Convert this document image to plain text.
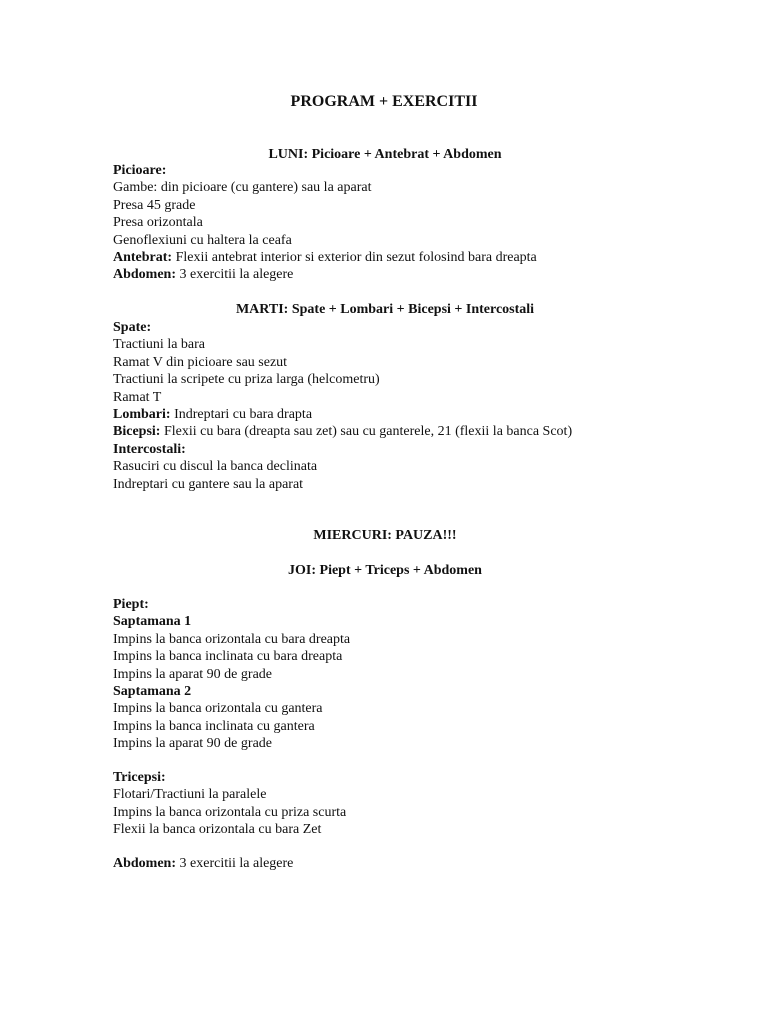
PROGRAM + EXERCITII
LUNI: Picioare + Antebrat + Abdomen
Picioare:
Gambe: din picioare (cu gantere) sau la aparat
Presa 45 grade
Presa orizontala
Genoflexiuni cu haltera la ceafa
Antebrat: Flexii antebrat interior si exterior din sezut folosind bara dreapta
Abdomen: 3 exercitii la alegere
MARTI: Spate + Lombari + Bicepsi + Intercostali
Spate:
Tractiuni la bara
Ramat V din picioare sau sezut
Tractiuni la scripete cu priza larga (helcometru)
Ramat T
Lombari: Indreptari cu bara drapta
Bicepsi: Flexii cu bara (dreapta sau zet) sau cu ganterele, 21 (flexii la banca Scot)
Intercostali:
Rasuciri cu discul la banca declinata
Indreptari cu gantere sau la aparat
MIERCURI: PAUZA!!!
JOI: Piept + Triceps + Abdomen
Piept:
Saptamana 1
Impins la banca orizontala cu bara dreapta
Impins la banca inclinata cu bara dreapta
Impins la aparat 90 de grade
Saptamana 2
Impins la banca orizontala cu gantera
Impins la banca inclinata cu gantera
Impins la aparat 90 de grade
Tricepsi:
Flotari/Tractiuni la paralele
Impins la banca orizontala cu priza scurta
Flexii la banca orizontala cu bara Zet
Abdomen: 3 exercitii la alegere
